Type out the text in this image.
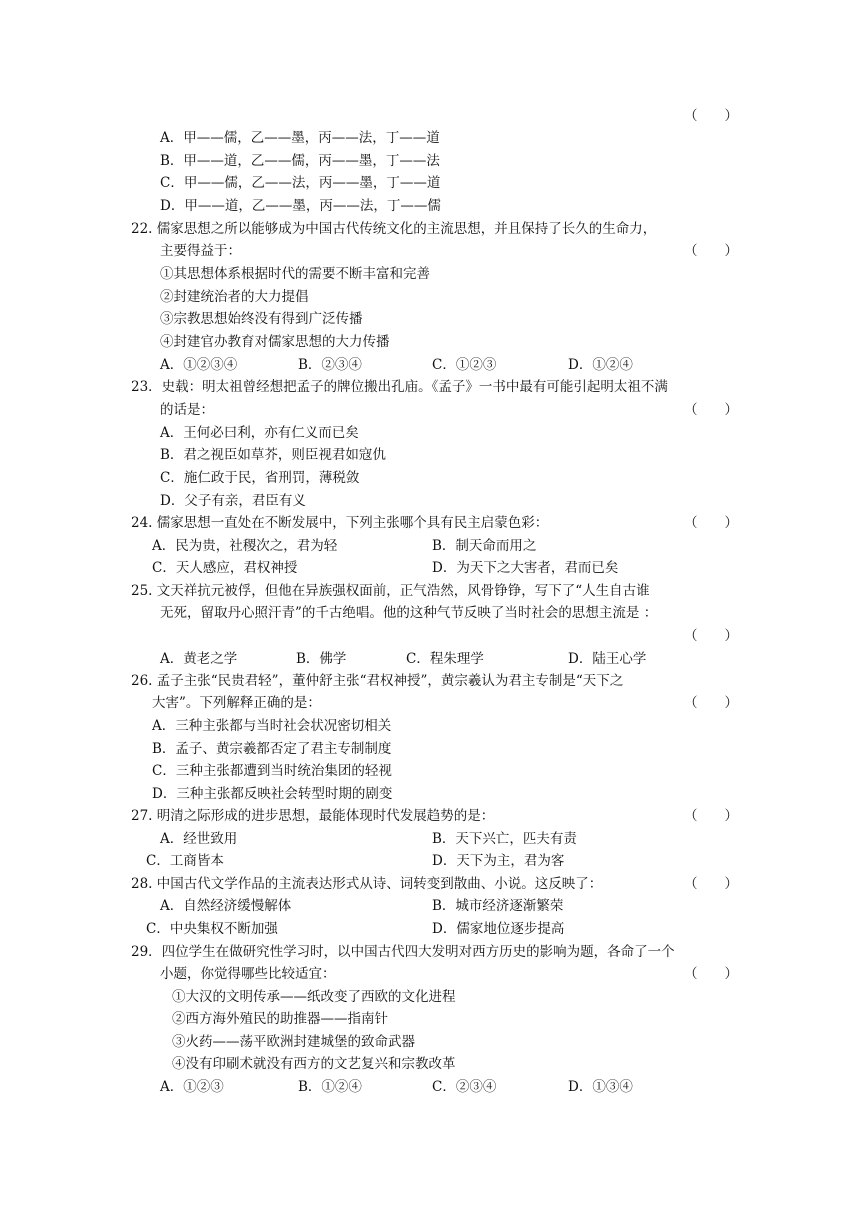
（　　）
A．甲——儒，乙——墨，丙——法，丁——道
B．甲——道，乙——儒，丙——墨，丁——法
C．甲——儒，乙——法，丙——墨，丁——道
D．甲——道，乙——墨，丙——法，丁——儒
22. 儒家思想之所以能够成为中国古代传统文化的主流思想，并且保持了长久的生命力，
主要得益于：	（　　）
①其思想体系根据时代的需要不断丰富和完善
②封建统治者的大力提倡
③宗教思想始终没有得到广泛传播
④封建官办教育对儒家思想的大力传播
A．①②③④	B．②③④	C．①②③	D．①②④
23．史载：明太祖曾经想把孟子的牌位搬出孔庙。《孟子》一书中最有可能引起明太祖不满
的话是：	（　　）
A．王何必曰利，亦有仁义而已矣
B．君之视臣如草芥，则臣视君如寇仇
C．施仁政于民，省刑罚，薄税敛
D．父子有亲，君臣有义
24. 儒家思想一直处在不断发展中，下列主张哪个具有民主启蒙色彩：	（　　）
A．民为贵，社稷次之，君为轻	B．制天命而用之
C．天人感应，君权神授	D．为天下之大害者，君而已矣
25. 文天祥抗元被俘，但他在异族强权面前，正气浩然，风骨铮铮，写下了“人生自古谁
无死，留取丹心照汗青”的千古绝唱。他的这种气节反映了当时社会的思想主流是 ：
（　　）
A．黄老之学	B．佛学	C．程朱理学	D．陆王心学
26. 孟子主张“民贵君轻”，董仲舒主张“君权神授”，黄宗羲认为君主专制是“天下之
大害”。下列解释正确的是：	（　　）
A．三种主张都与当时社会状况密切相关
B．孟子、黄宗羲都否定了君主专制制度
C．三种主张都遭到当时统治集团的轻视
D．三种主张都反映社会转型时期的剧变
27. 明清之际形成的进步思想，最能体现时代发展趋势的是：	（　　）
A．经世致用	B．天下兴亡，匹夫有责
C．工商皆本	D．天下为主，君为客
28. 中国古代文学作品的主流表达形式从诗、词转变到散曲、小说。这反映了：	（　　）
A．自然经济缓慢解体	B．城市经济逐渐繁荣
C．中央集权不断加强	D．儒家地位逐步提高
29．四位学生在做研究性学习时，以中国古代四大发明对西方历史的影响为题，各命了一个
小题，你觉得哪些比较适宜：	（　　）
①大汉的文明传承——纸改变了西欧的文化进程
②西方海外殖民的助推器——指南针
③火药——荡平欧洲封建城堡的致命武器
④没有印刷术就没有西方的文艺复兴和宗教改革
A．①②③	B．①②④	C．②③④	D．①③④
